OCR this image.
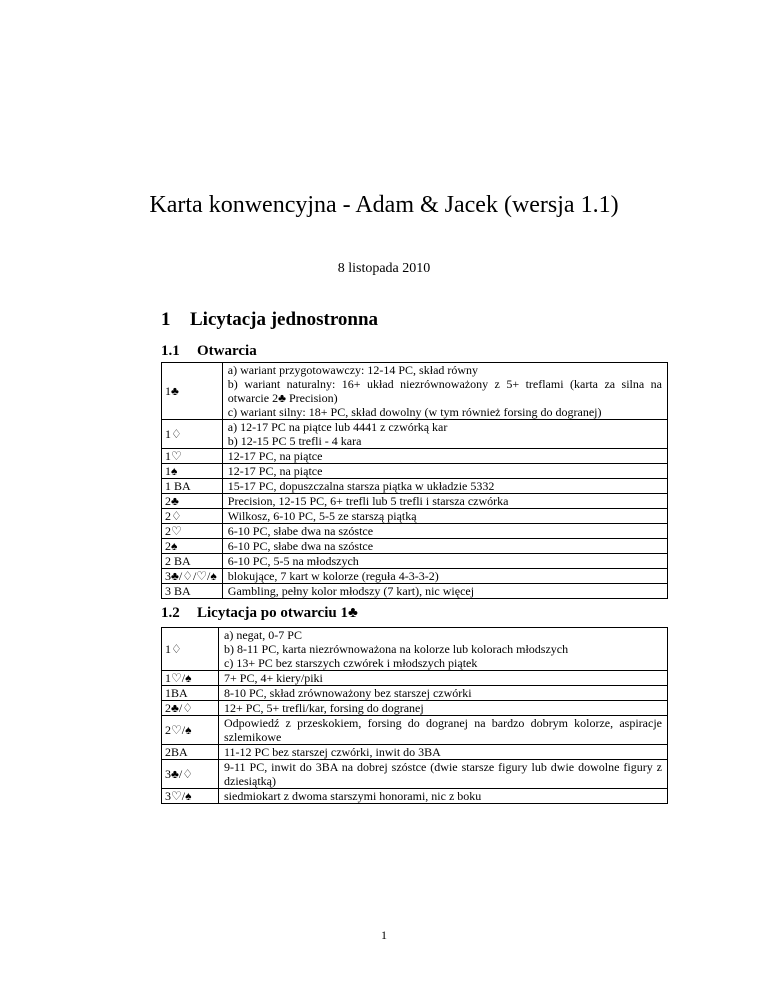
Karta konwencyjna - Adam & Jacek (wersja 1.1)
8 listopada 2010
1 Licytacja jednostronna
1.1 Otwarcia
1♣	a) wariant przygotowawczy: 12-14 PC, skład równy
b) wariant naturalny: 16+ układ niezrównoważony z 5+ treflami (karta za silna na otwarcie 2♣ Precision)
c) wariant silny: 18+ PC, skład dowolny (w tym również forsing do dogranej)

1♢	a) 12-17 PC na piątce lub 4441 z czwórką kar
b) 12-15 PC 5 trefli - 4 kara

1♡	12-17 PC, na piątce

1♠	12-17 PC, na piątce

1 BA	15-17 PC, dopuszczalna starsza piątka w układzie 5332

2♣	Precision, 12-15 PC, 6+ trefli lub 5 trefli i starsza czwórka

2♢	Wilkosz, 6-10 PC, 5-5 ze starszą piątką

2♡	6-10 PC, słabe dwa na szóstce

2♠	6-10 PC, słabe dwa na szóstce

2 BA	6-10 PC, 5-5 na młodszych

3♣/♢/♡/♠	blokujące, 7 kart w kolorze (reguła 4-3-3-2)

3 BA	Gambling, pełny kolor młodszy (7 kart), nic więcej
1.2 Licytacja po otwarciu 1♣
1♢	a) negat, 0-7 PC
b) 8-11 PC, karta niezrównoważona na kolorze lub kolorach młodszych
c) 13+ PC bez starszych czwórek i młodszych piątek

1♡/♠	7+ PC, 4+ kiery/piki

1BA	8-10 PC, skład zrównoważony bez starszej czwórki

2♣/♢	12+ PC, 5+ trefli/kar, forsing do dogranej

2♡/♠	Odpowiedź z przeskokiem, forsing do dogranej na bardzo dobrym kolorze, aspiracje szlemikowe

2BA	11-12 PC bez starszej czwórki, inwit do 3BA

3♣/♢	9-11 PC, inwit do 3BA na dobrej szóstce (dwie starsze figury lub dwie dowolne figury z dziesiątką)

3♡/♠	siedmiokart z dwoma starszymi honorami, nic z boku
1
